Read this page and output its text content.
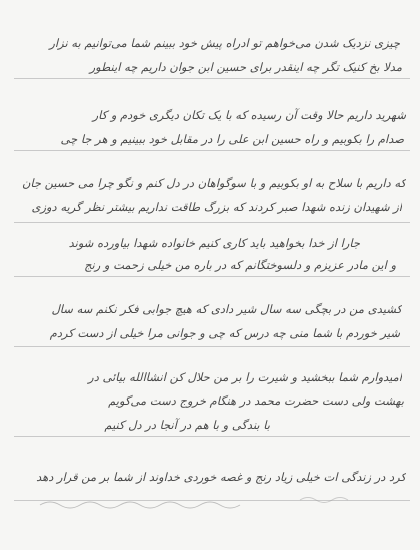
چیزی نزدیک شدن می‌خواهم تو ادراه پیش خود ببینم شما می‌توانیم به نزار
مدلا بخ کنیک تگر چه اینقدر برای حسین ابن جوان داریم چه اینطور
شهرید داریم حالا وقت آن رسیده که با یک تکان دیگری خودم و کار
صدام را بکوبیم و راه حسین ابن علی را در مقابل خود ببینیم و هر جا چی
که داریم با سلاح به او بکوبیم و با سوگواهان در دل کنم و نگو چرا می حسین جان
از شهیدان زنده شهدا صبر کردند که بزرگ طاقت نداریم بیشتر نظر گریه دوزی
جارا از خدا بخواهید باید کاری کنیم خانواده شهدا بیاورده شوند
و این مادر عزیزم و دلسوختگانم که در باره من خیلی زحمت و رنج
کشیدی من در بچگی سه سال شیر دادی که هیچ جوابی فکر نکنم سه سال
شیر خوردم با شما منی چه درس که چی و جوانی مرا خیلی از دست کردم
امیدوارم شما ببخشید و شیرت را بر من حلال کن انشاالله بیائی در
بهشت ولی دست حضرت محمد در هنگام خروج دست می‌گویم
با بندگی و با هم در آنجا در دل کنیم
کرد در زندگی ات خیلی زیاد رنج و غصه خوردی خداوند از شما بر من قرار دهد
